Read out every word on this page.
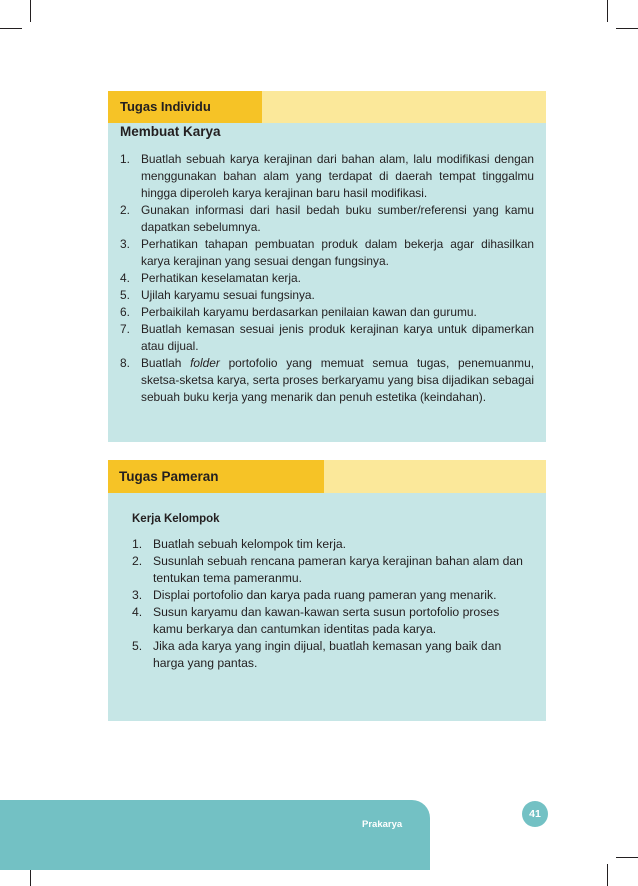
Tugas Individu
Membuat Karya
1. Buatlah sebuah karya kerajinan dari bahan alam, lalu modifikasi dengan menggunakan bahan alam yang terdapat di daerah tempat tinggalmu hingga diperoleh karya kerajinan baru hasil modifikasi.
2. Gunakan informasi dari hasil bedah buku sumber/referensi yang kamu dapatkan sebelumnya.
3. Perhatikan tahapan pembuatan produk dalam bekerja agar dihasilkan karya kerajinan yang sesuai dengan fungsinya.
4. Perhatikan keselamatan kerja.
5. Ujilah karyamu sesuai fungsinya.
6. Perbaikilah karyamu berdasarkan penilaian kawan dan gurumu.
7. Buatlah kemasan sesuai jenis produk kerajinan karya untuk dipamerkan atau dijual.
8. Buatlah folder portofolio yang memuat semua tugas, penemuanmu, sketsa-sketsa karya, serta proses berkaryamu yang bisa dijadikan sebagai sebuah buku kerja yang menarik dan penuh estetika (keindahan).
Tugas Pameran
Kerja Kelompok
1. Buatlah sebuah kelompok tim kerja.
2. Susunlah sebuah rencana pameran karya kerajinan bahan alam dan tentukan tema pameranmu.
3. Displai portofolio dan karya pada ruang pameran yang menarik.
4. Susun karyamu dan kawan-kawan serta susun portofolio proses kamu berkarya dan cantumkan identitas pada karya.
5. Jika ada karya yang ingin dijual, buatlah kemasan yang baik dan harga yang pantas.
Prakarya
41
